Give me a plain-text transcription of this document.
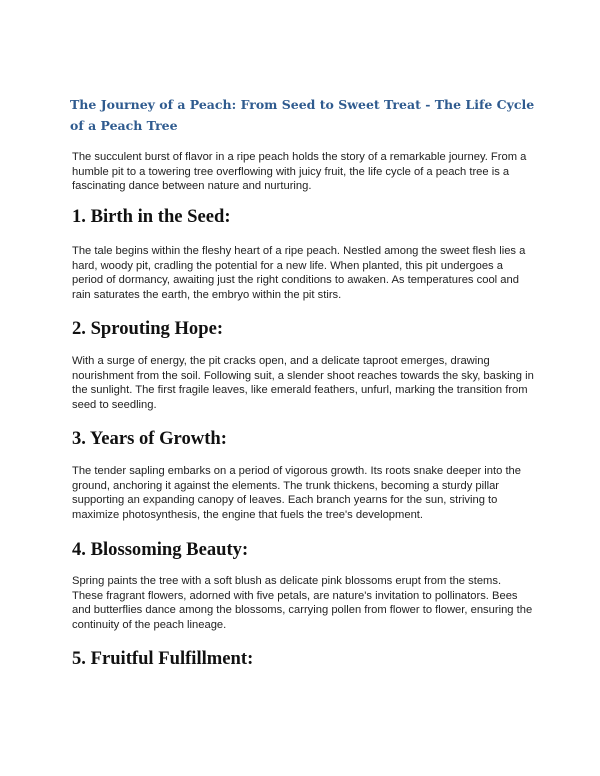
The Journey of a Peach: From Seed to Sweet Treat - The Life Cycle of a Peach Tree

The succulent burst of flavor in a ripe peach holds the story of a remarkable journey. From a humble pit to a towering tree overflowing with juicy fruit, the life cycle of a peach tree is a fascinating dance between nature and nurturing.

1. Birth in the Seed:

The tale begins within the fleshy heart of a ripe peach. Nestled among the sweet flesh lies a hard, woody pit, cradling the potential for a new life. When planted, this pit undergoes a period of dormancy, awaiting just the right conditions to awaken. As temperatures cool and rain saturates the earth, the embryo within the pit stirs.

2. Sprouting Hope:

With a surge of energy, the pit cracks open, and a delicate taproot emerges, drawing nourishment from the soil. Following suit, a slender shoot reaches towards the sky, basking in the sunlight. The first fragile leaves, like emerald feathers, unfurl, marking the transition from seed to seedling.

3. Years of Growth:

The tender sapling embarks on a period of vigorous growth. Its roots snake deeper into the ground, anchoring it against the elements. The trunk thickens, becoming a sturdy pillar supporting an expanding canopy of leaves. Each branch yearns for the sun, striving to maximize photosynthesis, the engine that fuels the tree's development.

4. Blossoming Beauty:

Spring paints the tree with a soft blush as delicate pink blossoms erupt from the stems. These fragrant flowers, adorned with five petals, are nature's invitation to pollinators. Bees and butterflies dance among the blossoms, carrying pollen from flower to flower, ensuring the continuity of the peach lineage.

5. Fruitful Fulfillment:
